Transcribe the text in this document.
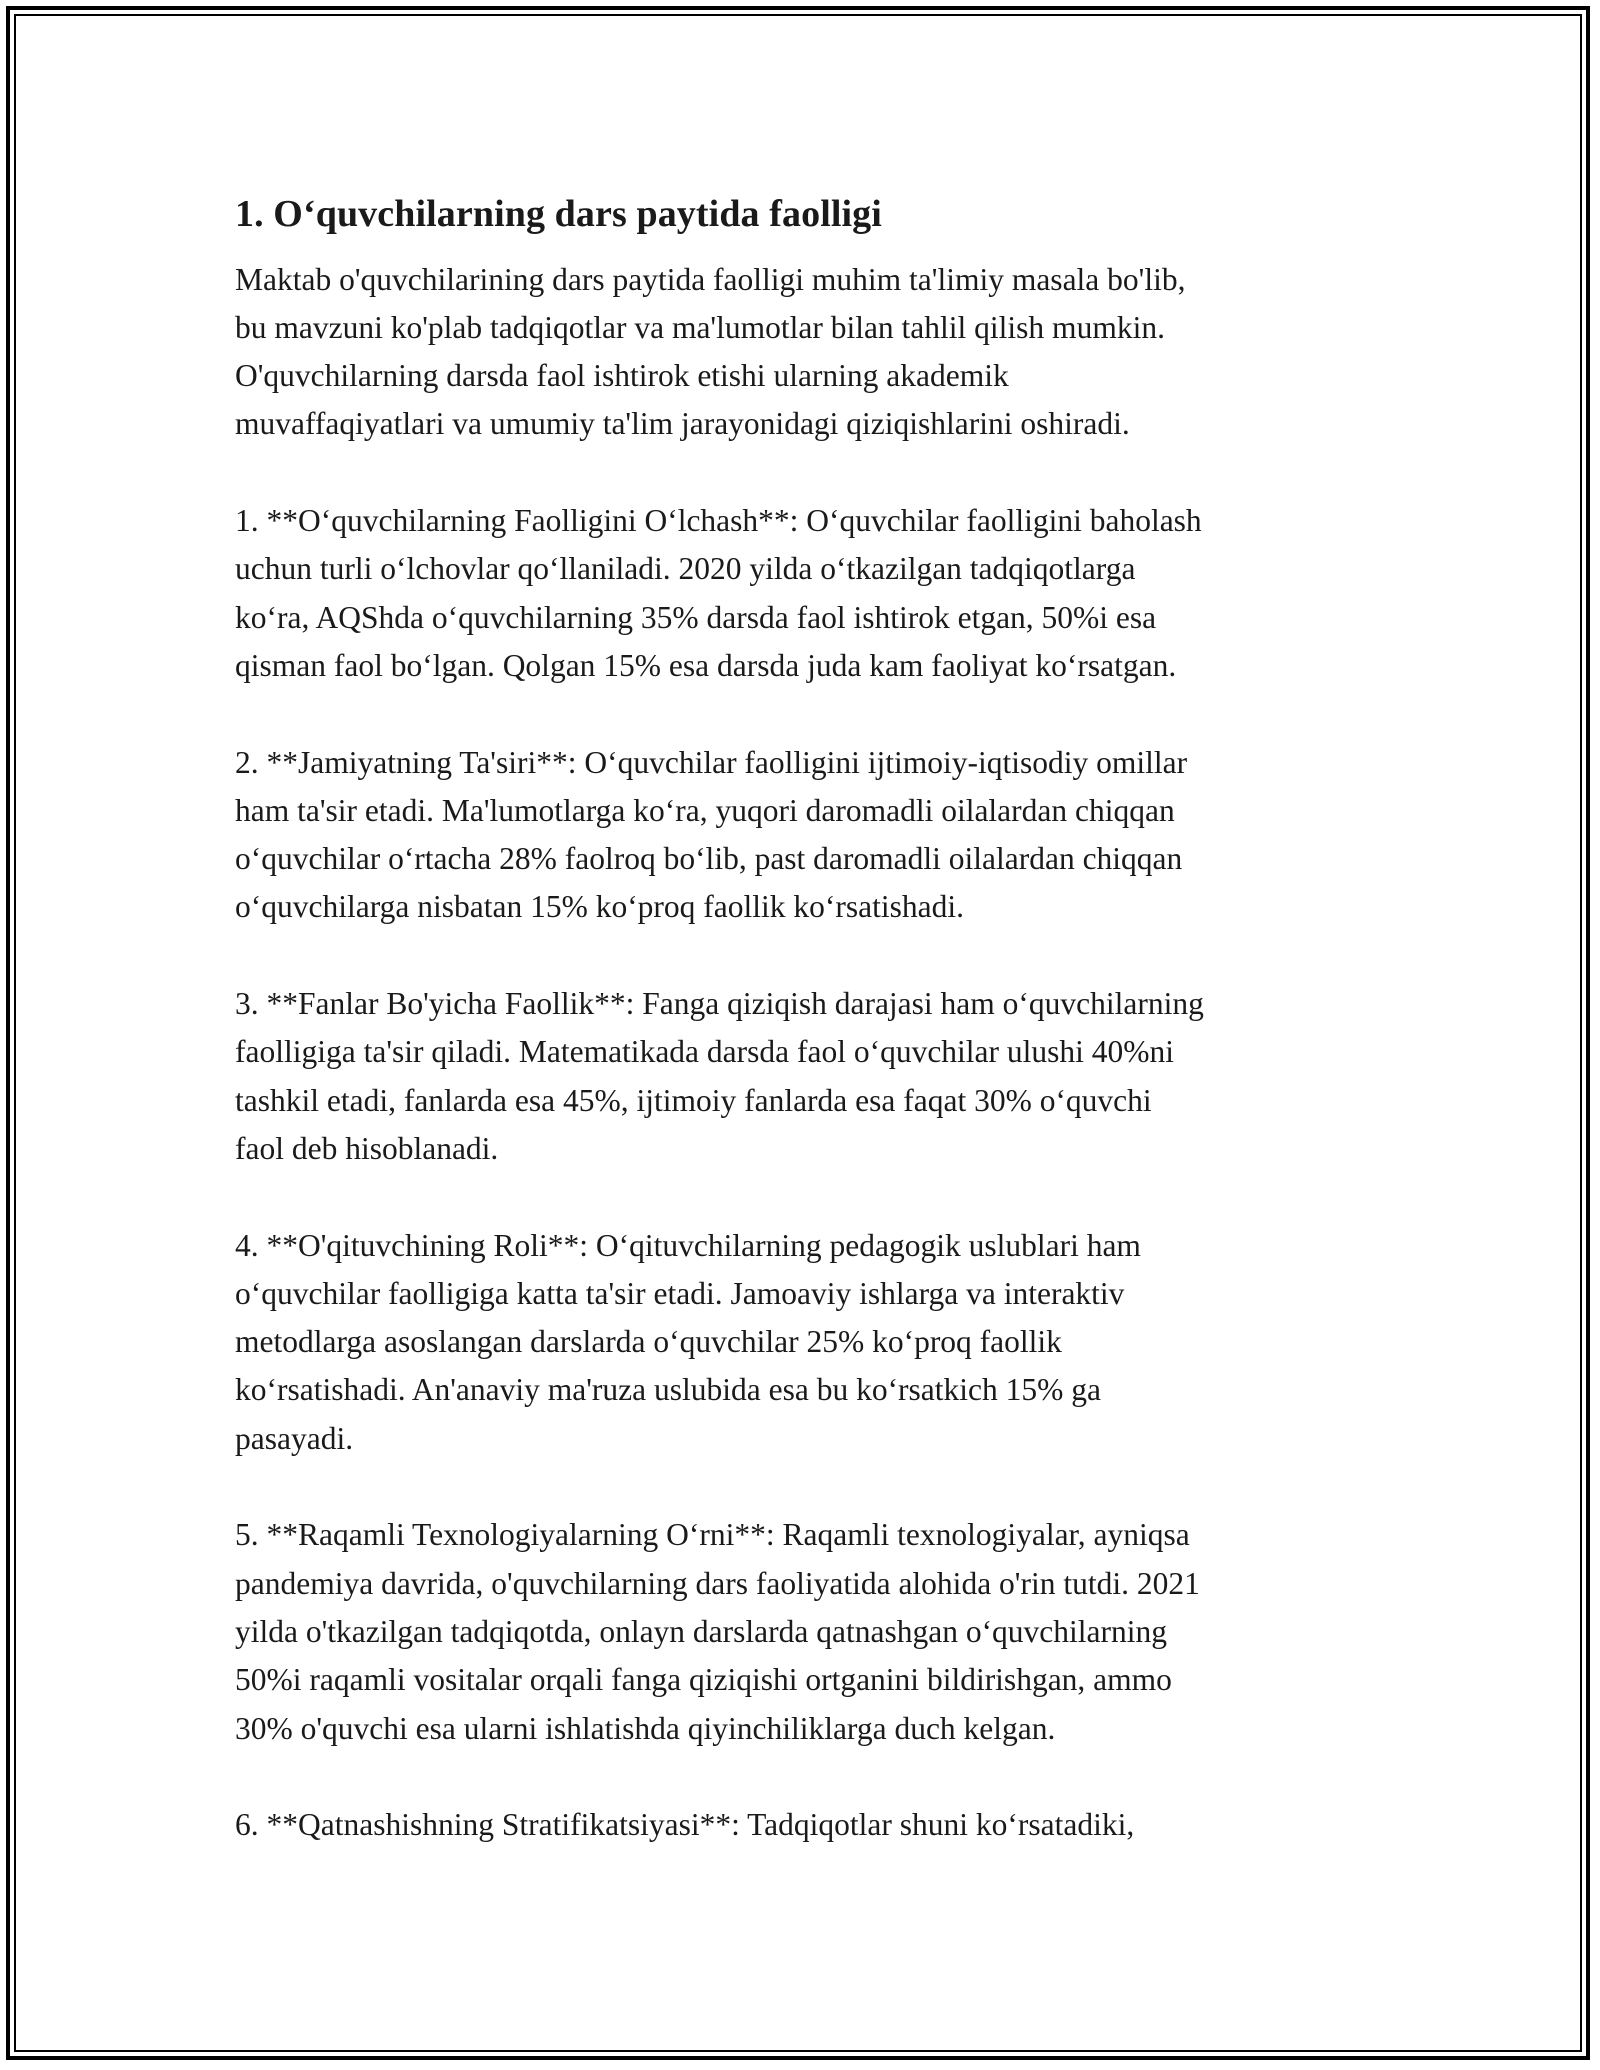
1. O‘quvchilarning dars paytida faolligi
Maktab o'quvchilarining dars paytida faolligi muhim ta'limiy masala bo'lib,
bu mavzuni ko'plab tadqiqotlar va ma'lumotlar bilan tahlil qilish mumkin.
O'quvchilarning darsda faol ishtirok etishi ularning akademik
muvaffaqiyatlari va umumiy ta'lim jarayonidagi qiziqishlarini oshiradi.
1. **O‘quvchilarning Faolligini O‘lchash**: O‘quvchilar faolligini baholash
uchun turli o‘lchovlar qo‘llaniladi. 2020 yilda o‘tkazilgan tadqiqotlarga
ko‘ra, AQShda o‘quvchilarning 35% darsda faol ishtirok etgan, 50%i esa
qisman faol bo‘lgan. Qolgan 15% esa darsda juda kam faoliyat ko‘rsatgan.
2. **Jamiyatning Ta'siri**: O‘quvchilar faolligini ijtimoiy-iqtisodiy omillar
ham ta'sir etadi. Ma'lumotlarga ko‘ra, yuqori daromadli oilalardan chiqqan
o‘quvchilar o‘rtacha 28% faolroq bo‘lib, past daromadli oilalardan chiqqan
o‘quvchilarga nisbatan 15% ko‘proq faollik ko‘rsatishadi.
3. **Fanlar Bo'yicha Faollik**: Fanga qiziqish darajasi ham o‘quvchilarning
faolligiga ta'sir qiladi. Matematikada darsda faol o‘quvchilar ulushi 40%ni
tashkil etadi, fanlarda esa 45%, ijtimoiy fanlarda esa faqat 30% o‘quvchi
faol deb hisoblanadi.
4. **O'qituvchining Roli**: O‘qituvchilarning pedagogik uslublari ham
o‘quvchilar faolligiga katta ta'sir etadi. Jamoaviy ishlarga va interaktiv
metodlarga asoslangan darslarda o‘quvchilar 25% ko‘proq faollik
ko‘rsatishadi. An'anaviy ma'ruza uslubida esa bu ko‘rsatkich 15% ga
pasayadi.
5. **Raqamli Texnologiyalarning O‘rni**: Raqamli texnologiyalar, ayniqsa
pandemiya davrida, o'quvchilarning dars faoliyatida alohida o'rin tutdi. 2021
yilda o'tkazilgan tadqiqotda, onlayn darslarda qatnashgan o‘quvchilarning
50%i raqamli vositalar orqali fanga qiziqishi ortganini bildirishgan, ammo
30% o'quvchi esa ularni ishlatishda qiyinchiliklarga duch kelgan.
6. **Qatnashishning Stratifikatsiyasi**: Tadqiqotlar shuni ko‘rsatadiki,
